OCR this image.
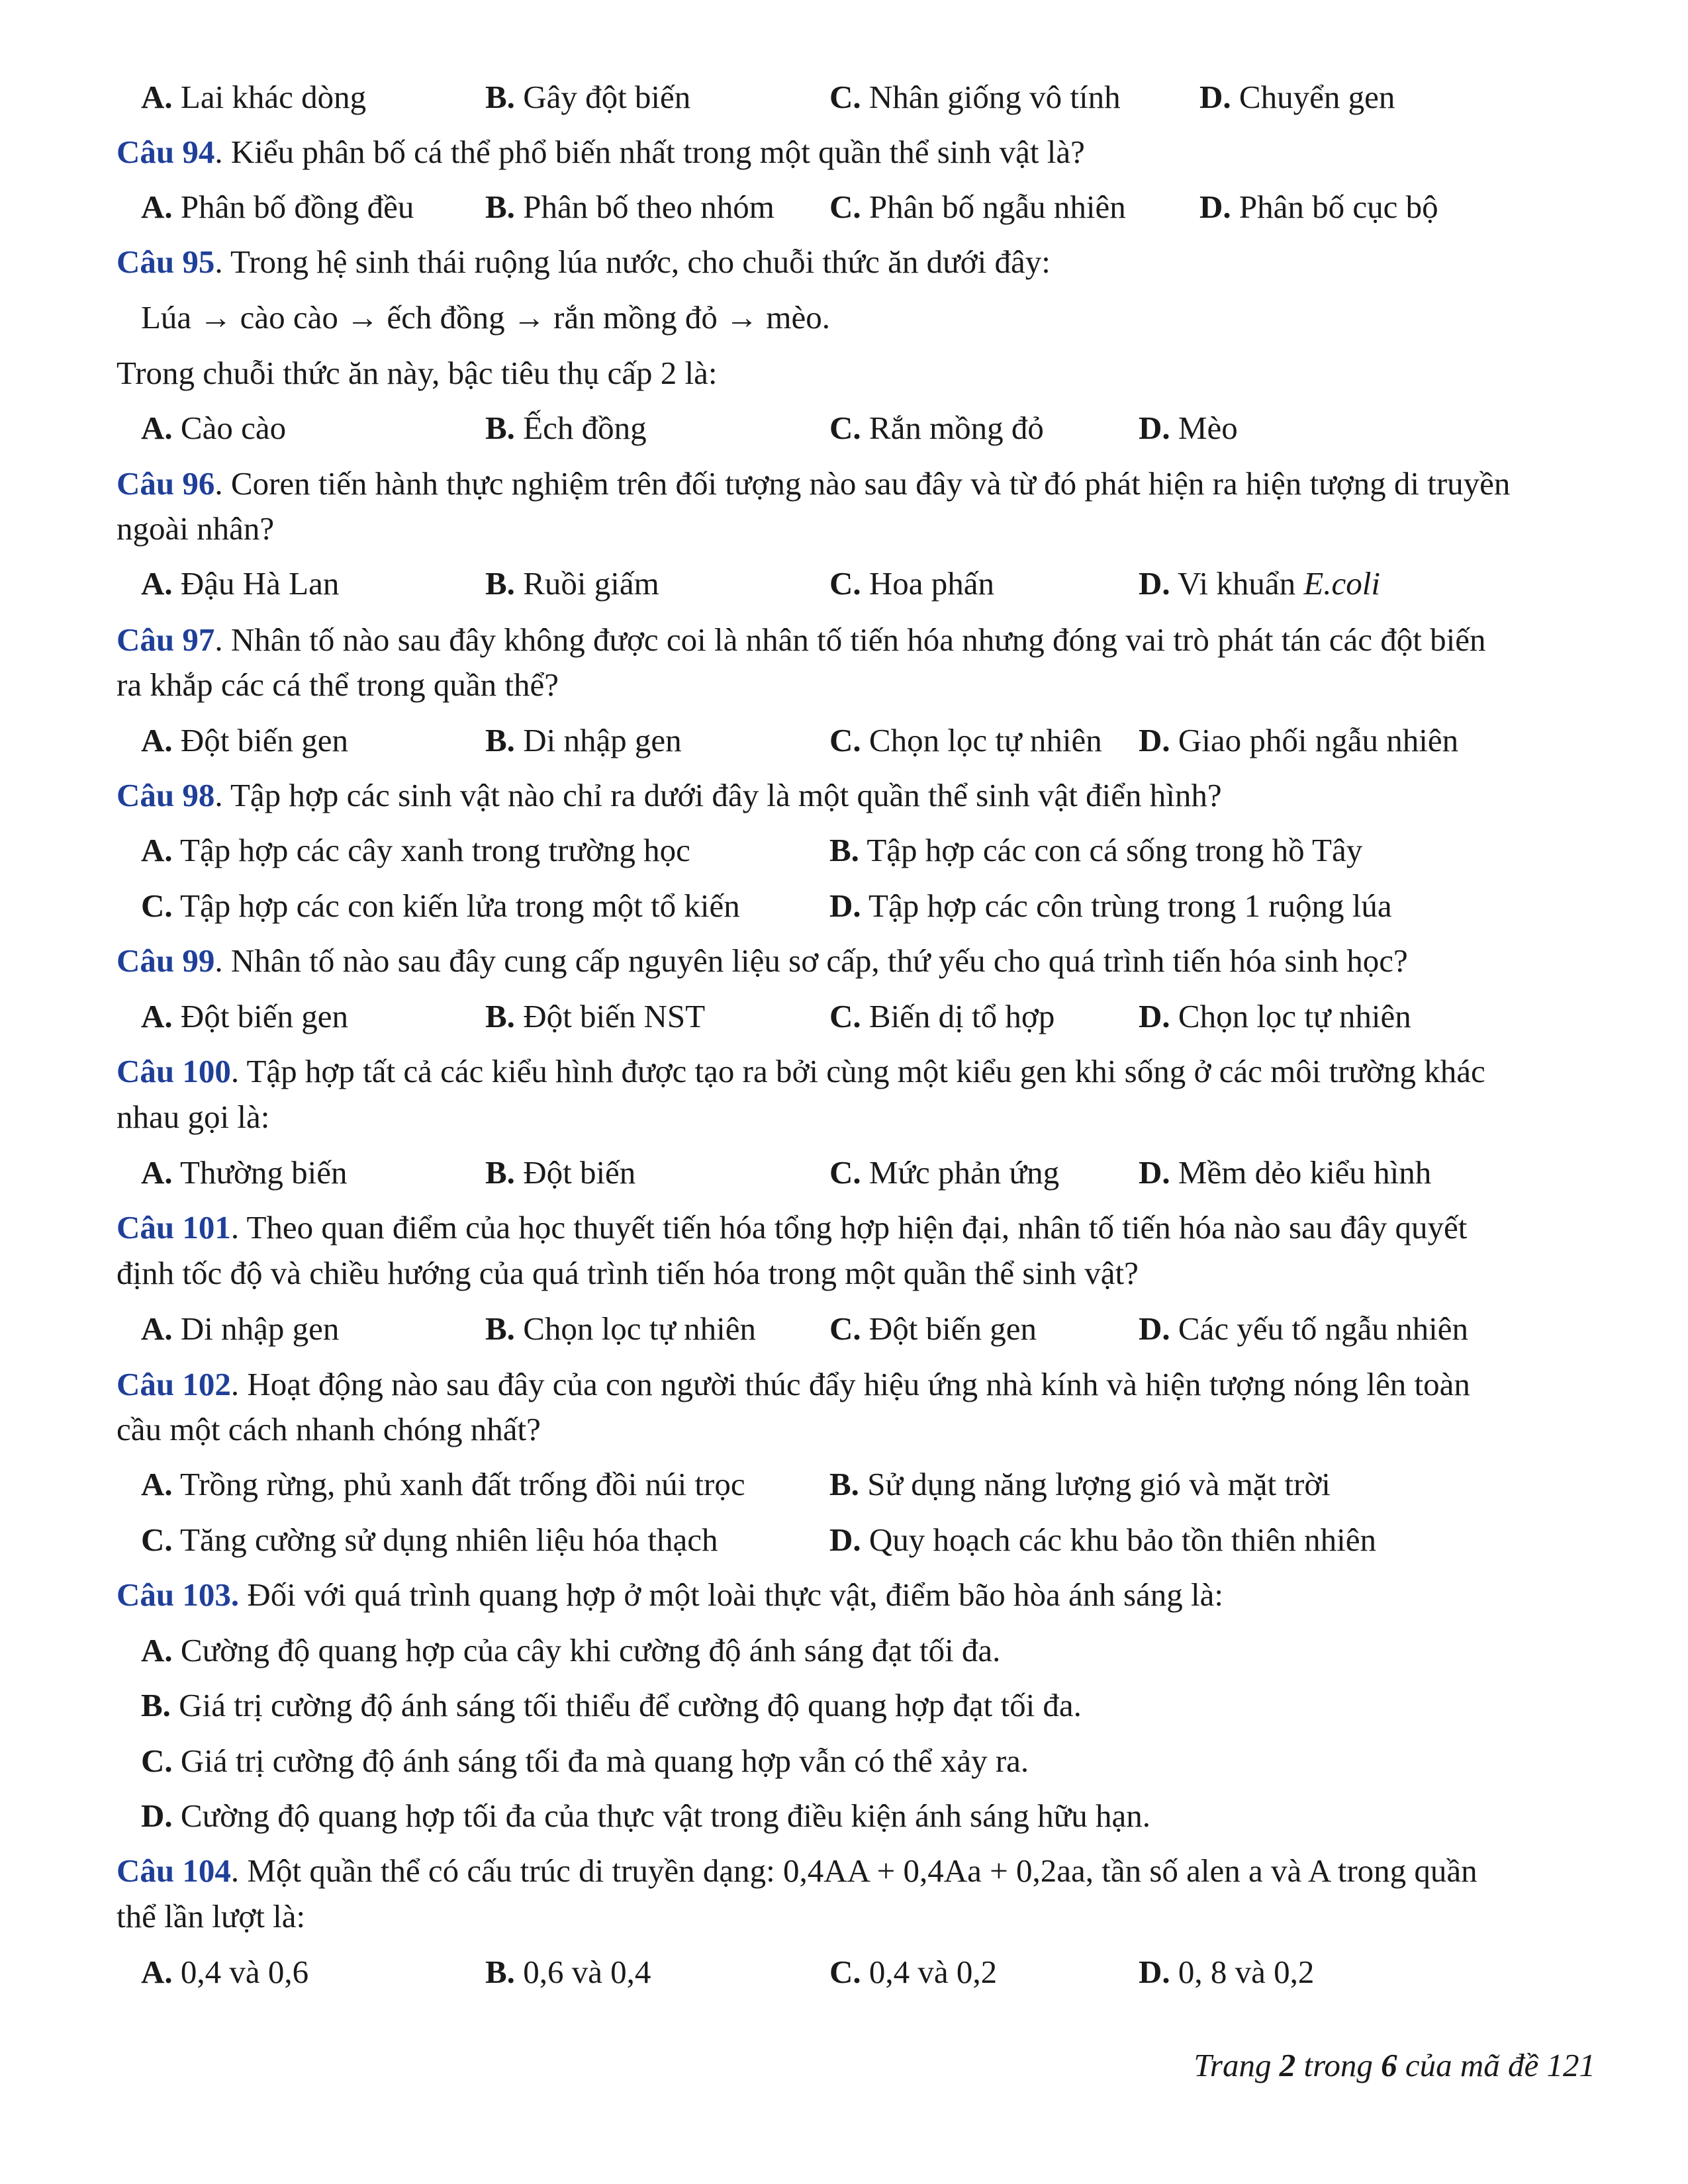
A. Lai khác dòng	B. Gây đột biến	C. Nhân giống vô tính D. Chuyển gen
Câu 94. Kiểu phân bố cá thể phổ biến nhất trong một quần thể sinh vật là?
A. Phân bố đồng đều B. Phân bố theo nhóm C. Phân bố ngẫu nhiên D. Phân bố cục bộ
Câu 95. Trong hệ sinh thái ruộng lúa nước, cho chuỗi thức ăn dưới đây:
Lúa → cào cào → ếch đồng → rắn mồng đỏ → mèo.
Trong chuỗi thức ăn này, bậc tiêu thụ cấp 2 là:
A. Cào cào	B. Ếch đồng	C. Rắn mồng đỏ	D. Mèo
Câu 96. Coren tiến hành thực nghiệm trên đối tượng nào sau đây và từ đó phát hiện ra hiện tượng di truyền
ngoài nhân?
A. Đậu Hà Lan	B. Ruồi giấm	C. Hoa phấn	D. Vi khuẩn E.coli
Câu 97. Nhân tố nào sau đây không được coi là nhân tố tiến hóa nhưng đóng vai trò phát tán các đột biến
ra khắp các cá thể trong quần thể?
A. Đột biến gen	B. Di nhập gen	C. Chọn lọc tự nhiên D. Giao phối ngẫu nhiên
Câu 98. Tập hợp các sinh vật nào chỉ ra dưới đây là một quần thể sinh vật điển hình?
A. Tập hợp các cây xanh trong trường học	B. Tập hợp các con cá sống trong hồ Tây
C. Tập hợp các con kiến lửa trong một tổ kiến	D. Tập hợp các côn trùng trong 1 ruộng lúa
Câu 99. Nhân tố nào sau đây cung cấp nguyên liệu sơ cấp, thứ yếu cho quá trình tiến hóa sinh học?
A. Đột biến gen	B. Đột biến NST	C. Biến dị tổ hợp	D. Chọn lọc tự nhiên
Câu 100. Tập hợp tất cả các kiểu hình được tạo ra bởi cùng một kiểu gen khi sống ở các môi trường khác
nhau gọi là:
A. Thường biến	B. Đột biến	C. Mức phản ứng D. Mềm dẻo kiểu hình
Câu 101. Theo quan điểm của học thuyết tiến hóa tổng hợp hiện đại, nhân tố tiến hóa nào sau đây quyết
định tốc độ và chiều hướng của quá trình tiến hóa trong một quần thể sinh vật?
A. Di nhập gen	B. Chọn lọc tự nhiên C. Đột biến gen	D. Các yếu tố ngẫu nhiên
Câu 102. Hoạt động nào sau đây của con người thúc đẩy hiệu ứng nhà kính và hiện tượng nóng lên toàn
cầu một cách nhanh chóng nhất?
A. Trồng rừng, phủ xanh đất trống đồi núi trọc	B. Sử dụng năng lượng gió và mặt trời
C. Tăng cường sử dụng nhiên liệu hóa thạch	D. Quy hoạch các khu bảo tồn thiên nhiên
Câu 103. Đối với quá trình quang hợp ở một loài thực vật, điểm bão hòa ánh sáng là:
A. Cường độ quang hợp của cây khi cường độ ánh sáng đạt tối đa.
B. Giá trị cường độ ánh sáng tối thiểu để cường độ quang hợp đạt tối đa.
C. Giá trị cường độ ánh sáng tối đa mà quang hợp vẫn có thể xảy ra.
D. Cường độ quang hợp tối đa của thực vật trong điều kiện ánh sáng hữu hạn.
Câu 104. Một quần thể có cấu trúc di truyền dạng: 0,4AA + 0,4Aa + 0,2aa, tần số alen a và A trong quần
thể lần lượt là:
A. 0,4 và 0,6	B. 0,6 và 0,4	C. 0,4 và 0,2	D. 0, 8 và 0,2
Trang 2 trong 6 của mã đề 121
